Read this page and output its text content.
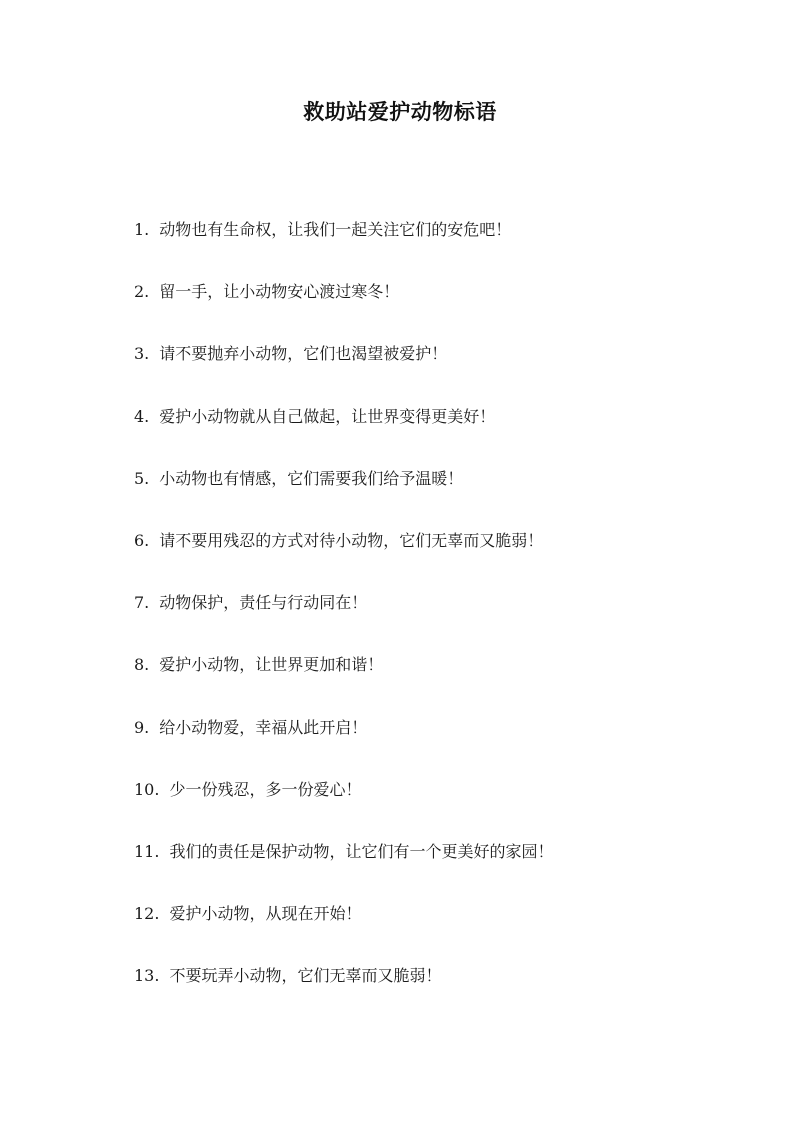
救助站爱护动物标语
1. 动物也有生命权，让我们一起关注它们的安危吧！
2. 留一手，让小动物安心渡过寒冬！
3. 请不要抛弃小动物，它们也渴望被爱护！
4. 爱护小动物就从自己做起，让世界变得更美好！
5. 小动物也有情感，它们需要我们给予温暖！
6. 请不要用残忍的方式对待小动物，它们无辜而又脆弱！
7. 动物保护，责任与行动同在！
8. 爱护小动物，让世界更加和谐！
9. 给小动物爱，幸福从此开启！
10. 少一份残忍，多一份爱心！
11. 我们的责任是保护动物，让它们有一个更美好的家园！
12. 爱护小动物，从现在开始！
13. 不要玩弄小动物，它们无辜而又脆弱！
